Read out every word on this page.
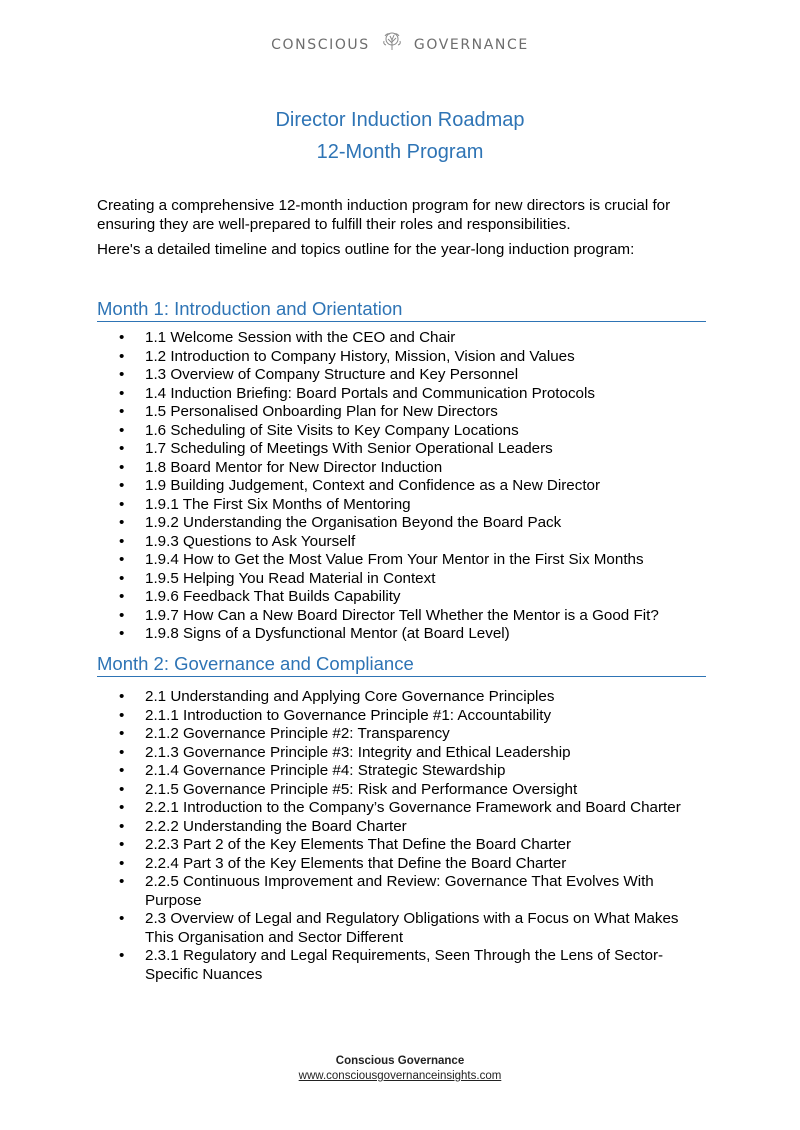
CONSCIOUS	GOVERNANCE
Director Induction Roadmap
12-Month Program

Creating a comprehensive 12-month induction program for new directors is crucial for ensuring they are well-prepared to fulfill their roles and responsibilities.

Here's a detailed timeline and topics outline for the year-long induction program:

Month 1: Introduction and Orientation
• 1.1 Welcome Session with the CEO and Chair
• 1.2 Introduction to Company History, Mission, Vision and Values
• 1.3 Overview of Company Structure and Key Personnel
• 1.4 Induction Briefing: Board Portals and Communication Protocols
• 1.5 Personalised Onboarding Plan for New Directors
• 1.6 Scheduling of Site Visits to Key Company Locations
• 1.7 Scheduling of Meetings With Senior Operational Leaders
• 1.8 Board Mentor for New Director Induction
• 1.9 Building Judgement, Context and Confidence as a New Director
• 1.9.1 The First Six Months of Mentoring
• 1.9.2 Understanding the Organisation Beyond the Board Pack
• 1.9.3 Questions to Ask Yourself
• 1.9.4 How to Get the Most Value From Your Mentor in the First Six Months
• 1.9.5 Helping You Read Material in Context
• 1.9.6 Feedback That Builds Capability
• 1.9.7 How Can a New Board Director Tell Whether the Mentor is a Good Fit?
• 1.9.8 Signs of a Dysfunctional Mentor (at Board Level)
Month 2: Governance and Compliance
• 2.1 Understanding and Applying Core Governance Principles
• 2.1.1 Introduction to Governance Principle #1: Accountability
• 2.1.2 Governance Principle #2: Transparency
• 2.1.3 Governance Principle #3: Integrity and Ethical Leadership
• 2.1.4 Governance Principle #4: Strategic Stewardship
• 2.1.5 Governance Principle #5: Risk and Performance Oversight
• 2.2.1 Introduction to the Company’s Governance Framework and Board Charter
• 2.2.2 Understanding the Board Charter
• 2.2.3 Part 2 of the Key Elements That Define the Board Charter
• 2.2.4 Part 3 of the Key Elements that Define the Board Charter
• 2.2.5 Continuous Improvement and Review: Governance That Evolves With Purpose
• 2.3 Overview of Legal and Regulatory Obligations with a Focus on What Makes This Organisation and Sector Different
• 2.3.1 Regulatory and Legal Requirements, Seen Through the Lens of Sector-Specific Nuances
Conscious Governance
www.consciousgovernanceinsights.com
